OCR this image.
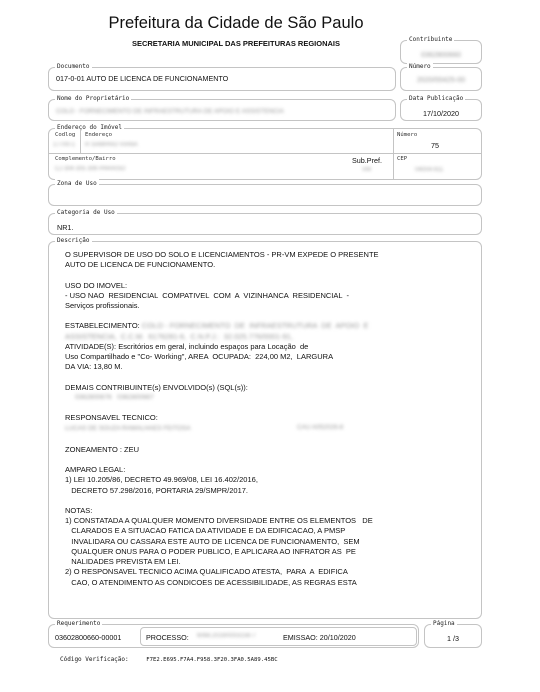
Prefeitura da Cidade de São Paulo
SECRETARIA MUNICIPAL DAS PREFEITURAS REGIONAIS	Contribuinte
0362800660
Documento
017-0-01 AUTO DE LICENCA DE FUNCIONAMENTO
Número
2020/00425-00
Nome do Proprietário
COLO - FORNECIMENTO DE INFRAESTRUTURA DE APOIO E ASSISTENCIA
Data Publicação
17/10/2020
Endereço do Imóvel
Codlog
17700-1
Endereço
R SAMPAIO VIANA
Número
75
Complemento/Bairro
CJ 304 305 306 PARAISO
Sub.Pref.
VM
CEP
04004-911
Zona de Uso
Categoria de Uso
NR1.
Descrição

O SUPERVISOR DE USO DO SOLO E LICENCIAMENTOS - PR-VM EXPEDE O PRESENTE
AUTO DE LICENCA DE FUNCIONAMENTO.

USO DO IMOVEL:
- USO NAO  RESIDENCIAL  COMPATIVEL  COM  A  VIZINHANCA  RESIDENCIAL  -
Serviços profissionais.

ESTABELECIMENTO: COLO - FORNECIMENTO  DE  INFRAESTRUTURA  DE  APOIO  E

ASSISTENCIA,  C.C.M.  6176281-6,  C.N.P.J.:  32.025.776/0001-91,

ATIVIDADE(S): Escritórios em geral, incluindo espaços para Locação  de
Uso Compartilhado e "Co- Working", AREA  OCUPADA:  224,00 M2,  LARGURA
DA VIA: 13,80 M.

DEMAIS CONTRIBUINTE(s) ENVOLVIDO(s) (SQL(s)):

0362800676   0362800667

RESPONSAVEL TECNICO:

LUCAS DE SOUZA RAMALHAES FEITOSA	CAU A052026-8

ZONEAMENTO : ZEU

AMPARO LEGAL:
1) LEI 10.205/86, DECRETO 49.969/08, LEI 16.402/2016,
DECRETO 57.298/2016, PORTARIA 29/SMPR/2017.

NOTAS:
1) CONSTATADA A QUALQUER MOMENTO DIVERSIDADE ENTRE OS ELEMENTOS   DE
CLARADOS E A SITUACAO FATICA DA ATIVIDADE E DA EDIFICACAO, A PMSP
INVALIDARA OU CASSARA ESTE AUTO DE LICENCA DE FUNCIONAMENTO,  SEM
QUALQUER ONUS PARA O PODER PUBLICO, E APLICARA AO INFRATOR AS  PE
NALIDADES PREVISTA EM LEI.
2) O RESPONSAVEL TECNICO ACIMA QUALIFICADO ATESTA,  PARA  A  EDIFICA
CAO, O ATENDIMENTO AS CONDICOES DE ACESSIBILIDADE, AS REGRAS ESTA

Requerimento
03602800660-00001	PROCESSO: 6068.2019/0003156-7	EMISSAO: 20/10/2020
Página
1 /3
Código Verificação:	F7E2.E695.F7A4.F958.3F20.3FA0.5A89.45BC
